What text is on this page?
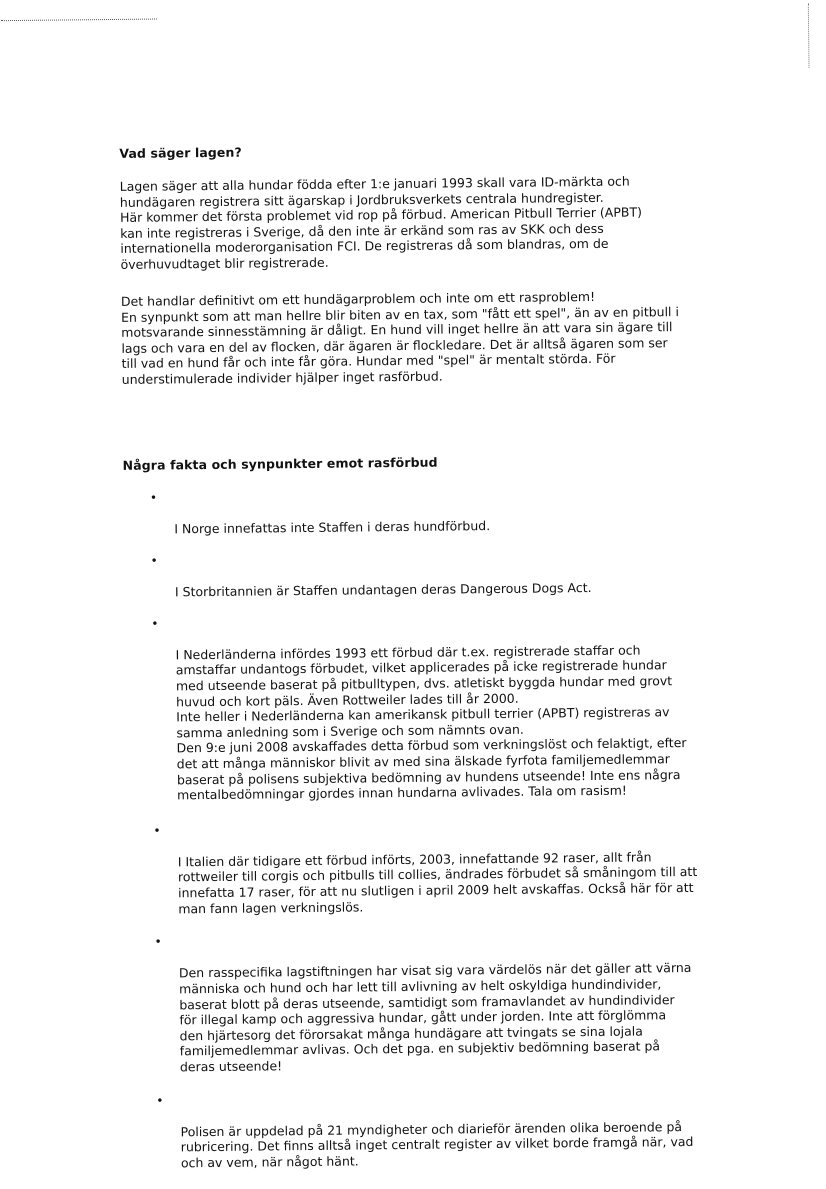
Vad säger lagen?
Lagen säger att alla hundar födda efter 1:e januari 1993 skall vara ID-märkta och
hundägaren registrera sitt ägarskap i Jordbruksverkets centrala hundregister.
Här kommer det första problemet vid rop på förbud. American Pitbull Terrier (APBT)
kan inte registreras i Sverige, då den inte är erkänd som ras av SKK och dess
internationella moderorganisation FCI. De registreras då som blandras, om de
överhuvudtaget blir registrerade.
Det handlar definitivt om ett hundägarproblem och inte om ett rasproblem!
En synpunkt som att man hellre blir biten av en tax, som "fått ett spel", än av en pitbull i
motsvarande sinnesstämning är dåligt. En hund vill inget hellre än att vara sin ägare till
lags och vara en del av flocken, där ägaren är flockledare. Det är alltså ägaren som ser
till vad en hund får och inte får göra. Hundar med "spel" är mentalt störda. För
understimulerade individer hjälper inget rasförbud.
Några fakta och synpunkter emot rasförbud

•

I Norge innefattas inte Staffen i deras hundförbud.

•

I Storbritannien är Staffen undantagen deras Dangerous Dogs Act.

•

I Nederländerna infördes 1993 ett förbud där t.ex. registrerade staffar och
amstaffar undantogs förbudet, vilket applicerades på icke registrerade hundar
med utseende baserat på pitbulltypen, dvs. atletiskt byggda hundar med grovt
huvud och kort päls. Även Rottweiler lades till år 2000.
Inte heller i Nederländerna kan amerikansk pitbull terrier (APBT) registreras av
samma anledning som i Sverige och som nämnts ovan.
Den 9:e juni 2008 avskaffades detta förbud som verkningslöst och felaktigt, efter
det att många människor blivit av med sina älskade fyrfota familjemedlemmar
baserat på polisens subjektiva bedömning av hundens utseende! Inte ens några
mentalbedömningar gjordes innan hundarna avlivades. Tala om rasism!

•

I Italien där tidigare ett förbud införts, 2003, innefattande 92 raser, allt från
rottweiler till corgis och pitbulls till collies, ändrades förbudet så småningom till att
innefatta 17 raser, för att nu slutligen i april 2009 helt avskaffas. Också här för att
man fann lagen verkningslös.

•

Den rasspecifika lagstiftningen har visat sig vara värdelös när det gäller att värna
människa och hund och har lett till avlivning av helt oskyldiga hundindivider,
baserat blott på deras utseende, samtidigt som framavlandet av hundindivider
för illegal kamp och aggressiva hundar, gått under jorden. Inte att förglömma
den hjärtesorg det förorsakat många hundägare att tvingats se sina lojala
familjemedlemmar avlivas. Och det pga. en subjektiv bedömning baserat på
deras utseende!

•

Polisen är uppdelad på 21 myndigheter och diarieför ärenden olika beroende på
rubricering. Det finns alltså inget centralt register av vilket borde framgå när, vad
och av vem, när något hänt.
